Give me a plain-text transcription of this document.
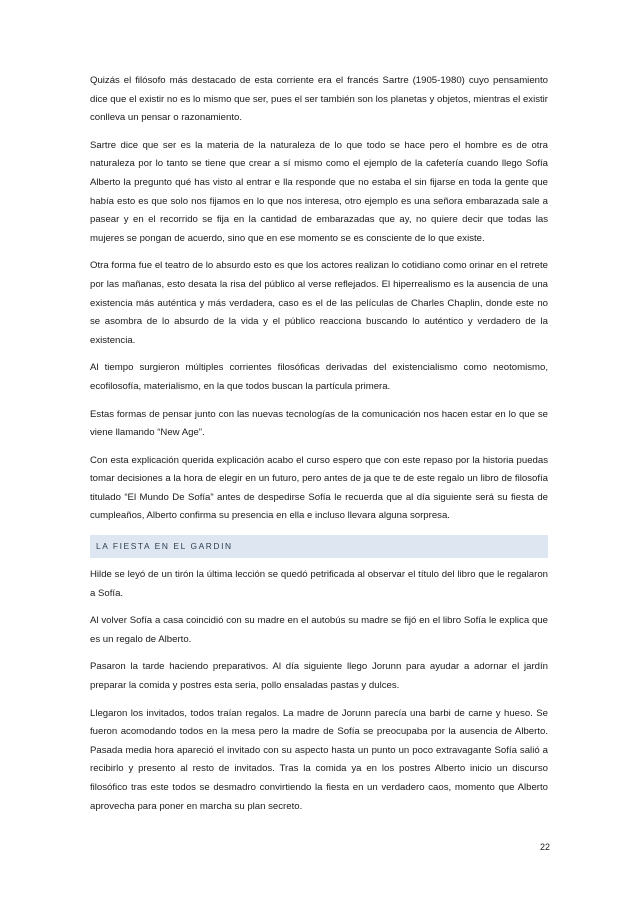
Quizás el filósofo más destacado de esta corriente era el francés Sartre (1905-1980) cuyo pensamiento dice que el existir no es lo mismo que ser, pues el ser también son los planetas y objetos, mientras el existir conlleva un pensar o razonamiento.

Sartre dice que ser es la materia de la naturaleza de lo que todo se hace pero el hombre es de otra naturaleza por lo tanto se tiene que crear a sí mismo como el ejemplo de la cafetería cuando llego Sofía Alberto la pregunto qué has visto al entrar e lla responde que no estaba el sin fijarse en toda la gente que había esto es que solo nos fijamos en lo que nos interesa, otro ejemplo es una señora embarazada sale a pasear y en el recorrido se fija en la cantidad de embarazadas que ay, no quiere decir que todas las mujeres se pongan de acuerdo, sino que en ese momento se es consciente de lo que existe.

Otra forma fue el teatro de lo absurdo esto es que los actores realizan lo cotidiano como orinar en el retrete por las mañanas, esto desata la risa del público al verse reflejados. El hiperrealismo es la ausencia de una existencia más auténtica y más verdadera, caso es el de las películas de Charles Chaplin, donde este no se asombra de lo absurdo de la vida y el público reacciona buscando lo auténtico y verdadero de la existencia.

Al tiempo surgieron múltiples corrientes filosóficas derivadas del existencialismo como neotomismo, ecofilosofía, materialismo, en la que todos buscan la partícula primera.

Estas formas de pensar junto con las nuevas tecnologías de la comunicación nos hacen estar en lo que se viene llamando “New Age”.

Con esta explicación querida explicación acabo el curso espero que con este repaso por la historia puedas tomar decisiones a la hora de elegir en un futuro, pero antes de ja que te de este regalo un libro de filosofía titulado “El Mundo De Sofía” antes de despedirse Sofía le recuerda que al día siguiente será su fiesta de cumpleaños, Alberto confirma su presencia en ella e incluso llevara alguna sorpresa.

LA FIESTA EN EL GARDIN

Hilde se leyó de un tirón la última lección se quedó petrificada al observar el título del libro que le regalaron a Sofía.

Al volver Sofía a casa coincidió con su madre en el autobús su madre se fijó en el libro Sofía le explica que es un regalo de Alberto.

Pasaron la tarde haciendo preparativos. Al día siguiente llego Jorunn para ayudar a adornar el jardín preparar la comida y postres esta seria, pollo ensaladas pastas y dulces.

Llegaron los invitados, todos traían regalos. La madre de Jorunn parecía una barbi de carne y hueso. Se fueron acomodando todos en la mesa pero la madre de Sofía se preocupaba por la ausencia de Alberto. Pasada media hora apareció el invitado con su aspecto hasta un punto un poco extravagante Sofía salió a recibirlo y presento al resto de invitados. Tras la comida ya en los postres Alberto inicio un discurso filosófico tras este todos se desmadro convirtiendo la fiesta en un verdadero caos, momento que Alberto aprovecha para poner en marcha su plan secreto.

22
